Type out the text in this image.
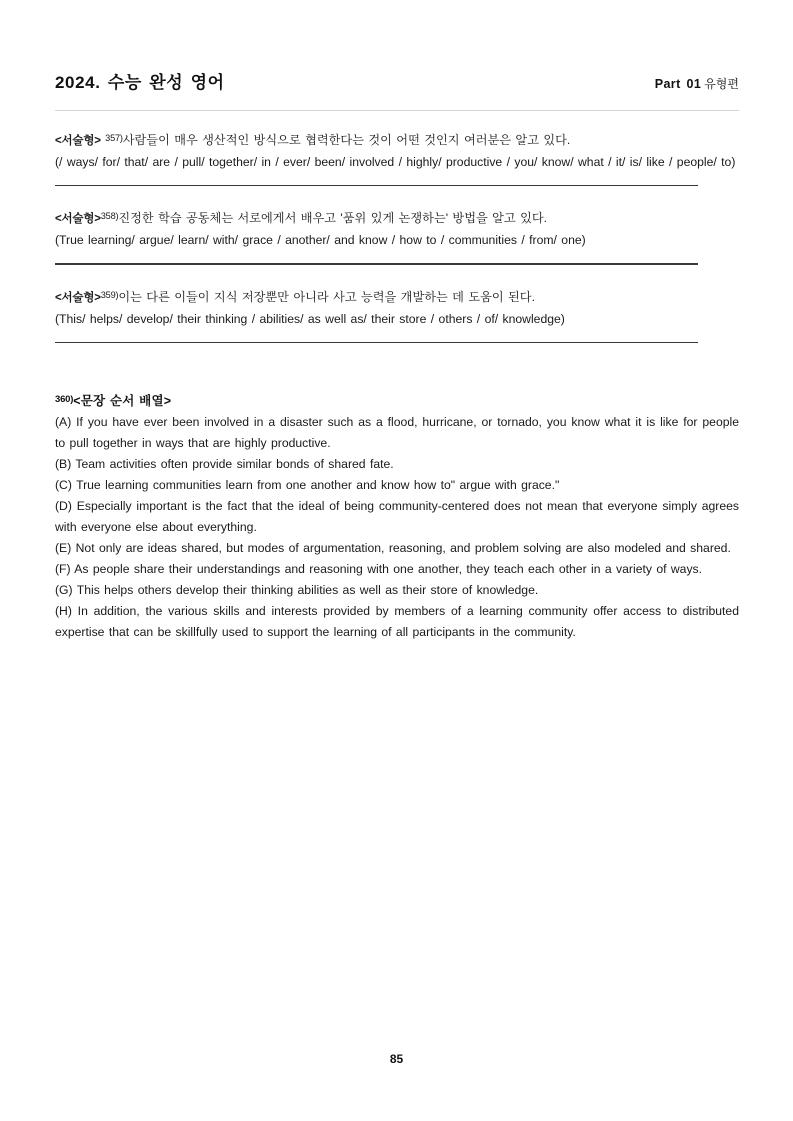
2024. 수능 완성 영어	Part 01 유형편
<서술형> $^{357)}$사람들이 매우 생산적인 방식으로 협력한다는 것이 어떤 것인지 여러분은 알고 있다.
(/ ways/ for/ that/ are / pull/ together/ in / ever/ been/ involved / highly/ productive / you/ know/ what / it/ is/ like / people/ to)
<서술형>$^{358)}$진정한 학습 공동체는 서로에게서 배우고 '품위 있게 논쟁하는' 방법을 알고 있다.
(True learning/ argue/ learn/ with/ grace / another/ and know / how to / communities / from/ one)
<서술형>$^{359)}$이는 다른 이들이 지식 저장뿐만 아니라 사고 능력을 개발하는 데 도움이 된다.
(This/ helps/ develop/ their thinking / abilities/ as well as/ their store / others / of/ knowledge)
$^{360)}$<문장 순서 배열>
(A) If you have ever been involved in a disaster such as a flood, hurricane, or tornado, you know what it is like for people to pull together in ways that are highly productive.
(B) Team activities often provide similar bonds of shared fate.
(C) True learning communities learn from one another and know how to" argue with grace."
(D) Especially important is the fact that the ideal of being community-centered does not mean that everyone simply agrees with everyone else about everything.
(E) Not only are ideas shared, but modes of argumentation, reasoning, and problem solving are also modeled and shared.
(F) As people share their understandings and reasoning with one another, they teach each other in a variety of ways.
(G) This helps others develop their thinking abilities as well as their store of knowledge.
(H) In addition, the various skills and interests provided by members of a learning community offer access to distributed expertise that can be skillfully used to support the learning of all participants in the community.
85
